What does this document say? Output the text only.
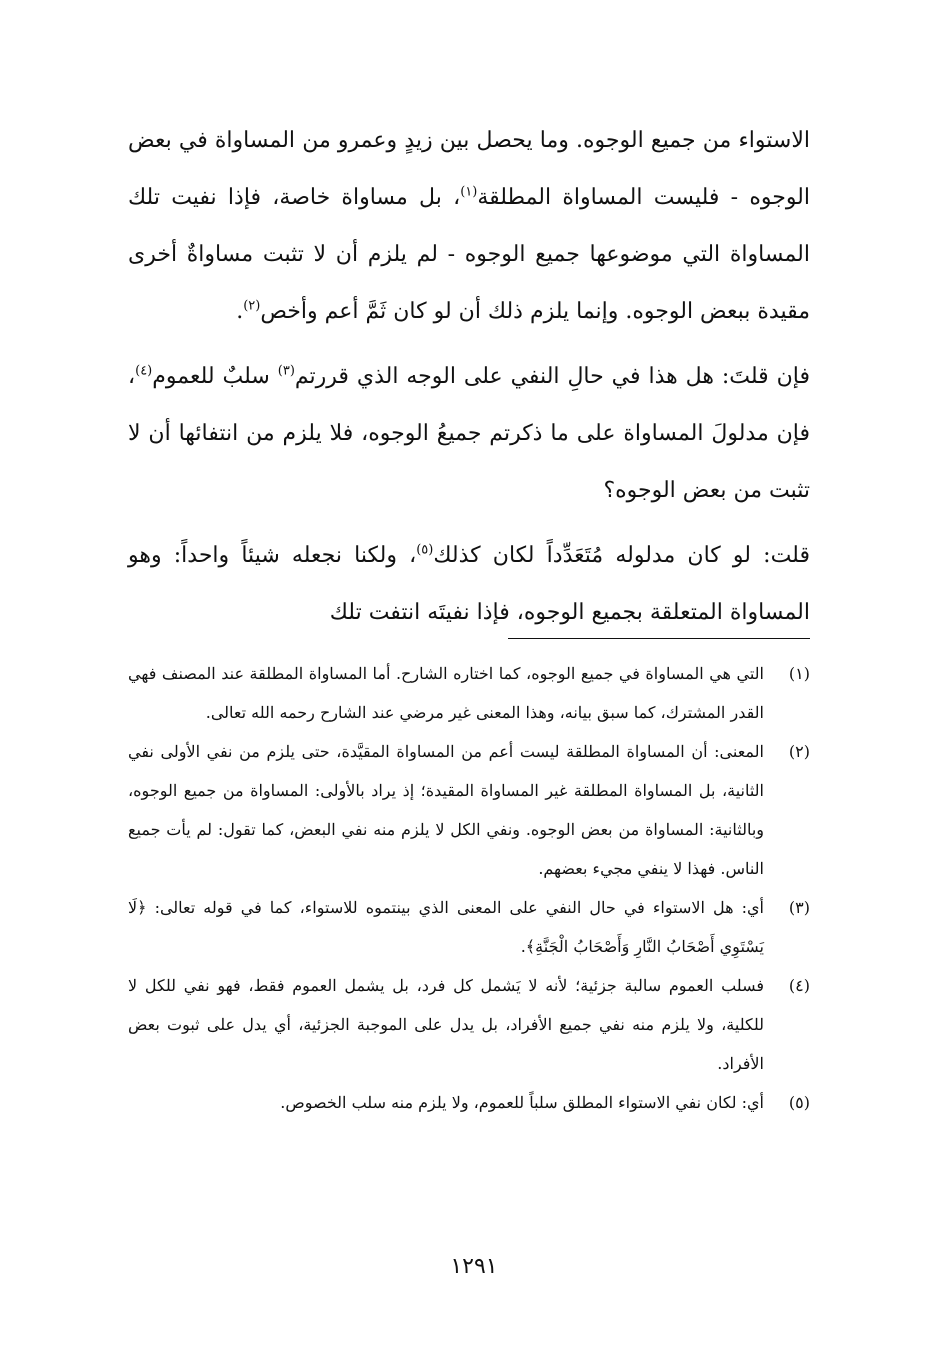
الاستواء من جميع الوجوه. وما يحصل بين زيدٍ وعمرو من المساواة في بعض الوجوه - فليست المساواة المطلقة$^{(١)}$، بل مساواة خاصة، فإذا نفيت تلك المساواة التي موضوعها جميع الوجوه - لم يلزم أن لا تثبت مساواةٌ أخرى مقيدة ببعض الوجوه. وإنما يلزم ذلك أن لو كان ثَمَّ أعم وأخص$^{(٢)}$.

فإن قلتَ: هل هذا في حالِ النفي على الوجه الذي قررتم$^{(٣)}$ سلبٌ للعموم$^{(٤)}$، فإن مدلولَ المساواة على ما ذكرتم جميعُ الوجوه، فلا يلزم من انتفائها أن لا تثبت من بعض الوجوه؟

قلت: لو كان مدلوله مُتَعَدِّداً لكان كذلك$^{(٥)}$، ولكنا نجعله شيئاً واحداً: وهو المساواة المتعلقة بجميع الوجوه، فإذا نفيتَه انتفت تلك

(١)
التي هي المساواة في جميع الوجوه، كما اختاره الشارح. أما المساواة المطلقة عند المصنف فهي القدر المشترك، كما سبق بيانه، وهذا المعنى غير مرضي عند الشارح رحمه الله تعالى.
(٢)
المعنى: أن المساواة المطلقة ليست أعم من المساواة المقيَّدة، حتى يلزم من نفي الأولى نفي الثانية، بل المساواة المطلقة غير المساواة المقيدة؛ إذ يراد بالأولى: المساواة من جميع الوجوه، وبالثانية: المساواة من بعض الوجوه. ونفي الكل لا يلزم منه نفي البعض، كما تقول: لم يأت جميع الناس. فهذا لا ينفي مجيء بعضهم.
(٣)
أي: هل الاستواء في حال النفي على المعنى الذي بينتموه للاستواء، كما في قوله تعالى: ﴿لَا يَسْتَوِي أَصْحَابُ النَّارِ وَأَصْحَابُ الْجَنَّةِ﴾.
(٤)
فسلب العموم سالبة جزئية؛ لأنه لا يَشمل كل فرد، بل يشمل العموم فقط، فهو نفي للكل لا للكلية، ولا يلزم منه نفي جميع الأفراد، بل يدل على الموجبة الجزئية، أي يدل على ثبوت بعض الأفراد.
(٥)
أي: لكان نفي الاستواء المطلق سلباً للعموم، ولا يلزم منه سلب الخصوص.
١٢٩١
